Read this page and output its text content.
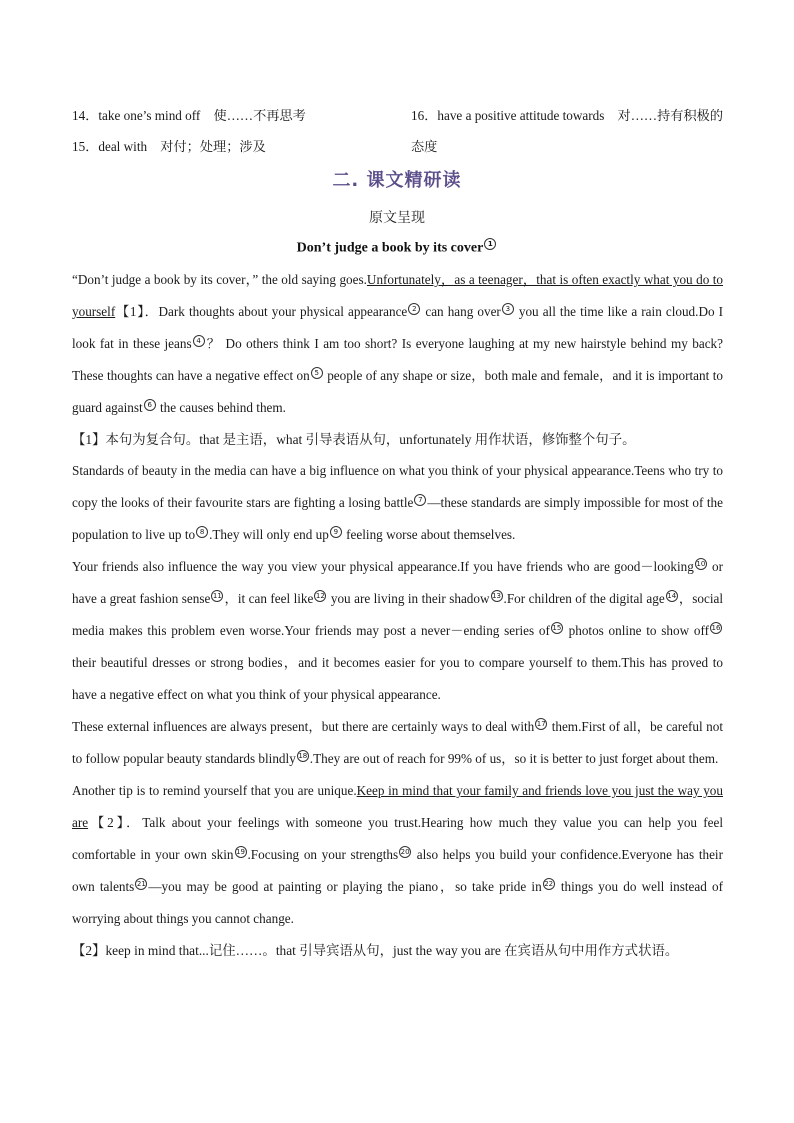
14．take one’s mind off　使……不再思考
15．deal with　对付；处理；涉及
16．have a positive attitude towards　对……持有积极的态度
二. 课文精研读
原文呈现
Don’t judge a book by its cover 1

“Don’t judge a book by its cover，” the old saying goes.Unfortunately，as a teenager，that is often exactly what you do to yourself【1】．Dark thoughts about your physical appearance 2 can hang over 3 you all the time like a rain cloud.Do I look fat in these jeans 4 ？ Do others think I am too short? Is everyone laughing at my new hairstyle behind my back? These thoughts can have a negative effect on 5 people of any shape or size，both male and female，and it is important to guard against 6 the causes behind them.

【1】本句为复合句。that 是主语，what 引导表语从句，unfortunately 用作状语，修饰整个句子。

Standards of beauty in the media can have a big influence on what you think of your physical appearance.Teens who try to copy the looks of their favourite stars are fighting a losing battle 7 —these standards are simply impossible for most of the population to live up to 8 .They will only end up 9 feeling worse about themselves.

Your friends also influence the way you view your physical appearance.If you have friends who are good－looking 10 or have a great fashion sense 11 ，it can feel like 12 you are living in their shadow 13 .For children of the digital age 14 ，social media makes this problem even worse.Your friends may post a never－ending series of 15 photos online to show off 16 their beautiful dresses or strong bodies，and it becomes easier for you to compare yourself to them.This has proved to have a negative effect on what you think of your physical appearance.

These external influences are always present，but there are certainly ways to deal with 17 them.First of all，be careful not to follow popular beauty standards blindly 18 .They are out of reach for 99% of us，so it is better to just forget about them.

Another tip is to remind yourself that you are unique.Keep in mind that your family and friends love you just the way you are【2】．Talk about your feelings with someone you trust.Hearing how much they value you can help you feel comfortable in your own skin 19 .Focusing on your strengths 20 also helps you build your confidence.Everyone has their own talents 21 —you may be good at painting or playing the piano，so take pride in 22 things you do well instead of worrying about things you cannot change.

【2】keep in mind that...记住……。that 引导宾语从句，just the way you are 在宾语从句中用作方式状语。
